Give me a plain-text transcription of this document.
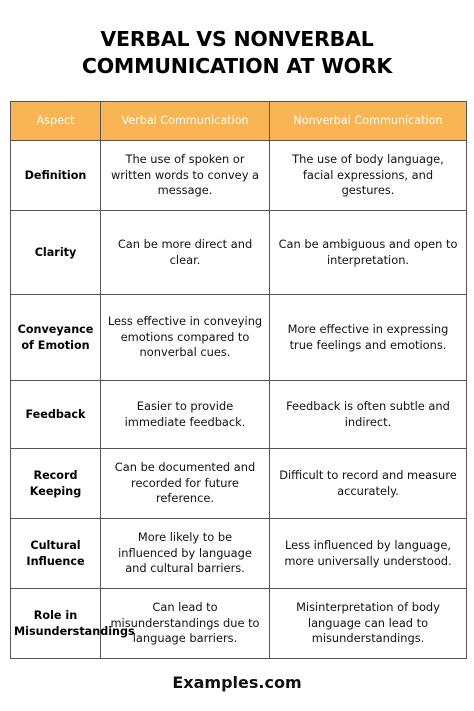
VERBAL VS NONVERBAL
COMMUNICATION AT WORK
Aspect	Verbal Communication	Nonverbal Communication
Definition	The use of spoken or written words to convey a message.	The use of body language, facial expressions, and gestures.
Clarity	Can be more direct and clear.	Can be ambiguous and open to interpretation.
Conveyance of Emotion	Less effective in conveying emotions compared to nonverbal cues.	More effective in expressing true feelings and emotions.
Feedback	Easier to provide immediate feedback.	Feedback is often subtle and indirect.
Record Keeping	Can be documented and recorded for future reference.	Difficult to record and measure accurately.
Cultural Influence	More likely to be influenced by language and cultural barriers.	Less influenced by language, more universally understood.
Role in Misunderstandings	Can lead to misunderstandings due to language barriers.	Misinterpretation of body language can lead to misunderstandings.
Examples.com
